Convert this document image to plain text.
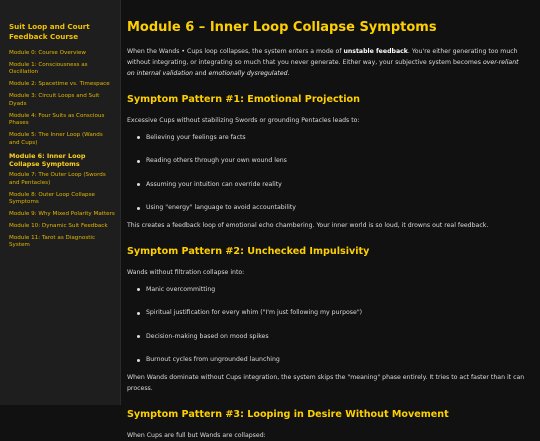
Suit Loop and Court Feedback Course
Module 0: Course Overview
Module 1: Consciousness as Oscillation
Module 2: Spacetime vs. Timespace
Module 3: Circuit Loops and Suit Dyads
Module 4: Four Suits as Conscious Phases
Module 5: The Inner Loop (Wands and Cups)
Module 6: Inner Loop Collapse Symptoms
Module 7: The Outer Loop (Swords and Pentacles)
Module 8: Outer Loop Collapse Symptoms
Module 9: Why Mixed Polarity Matters
Module 10: Dynamic Suit Feedback
Module 11: Tarot as Diagnostic System
Module 6 – Inner Loop Collapse Symptoms

When the Wands • Cups loop collapses, the system enters a mode of unstable feedback. You're either generating too much without integrating, or integrating so much that you never generate. Either way, your subjective system becomes over-reliant on internal validation and emotionally dysregulated.

Symptom Pattern #1: Emotional Projection

Excessive Cups without stabilizing Swords or grounding Pentacles leads to:

Believing your feelings are facts
Reading others through your own wound lens
Assuming your intuition can override reality
Using "energy" language to avoid accountability

This creates a feedback loop of emotional echo chambering. Your inner world is so loud, it drowns out real feedback.

Symptom Pattern #2: Unchecked Impulsivity

Wands without filtration collapse into:

Manic overcommitting
Spiritual justification for every whim ("I'm just following my purpose")
Decision-making based on mood spikes
Burnout cycles from ungrounded launching

When Wands dominate without Cups integration, the system skips the "meaning" phase entirely. It tries to act faster than it can process.

Symptom Pattern #3: Looping in Desire Without Movement

When Cups are full but Wands are collapsed:
